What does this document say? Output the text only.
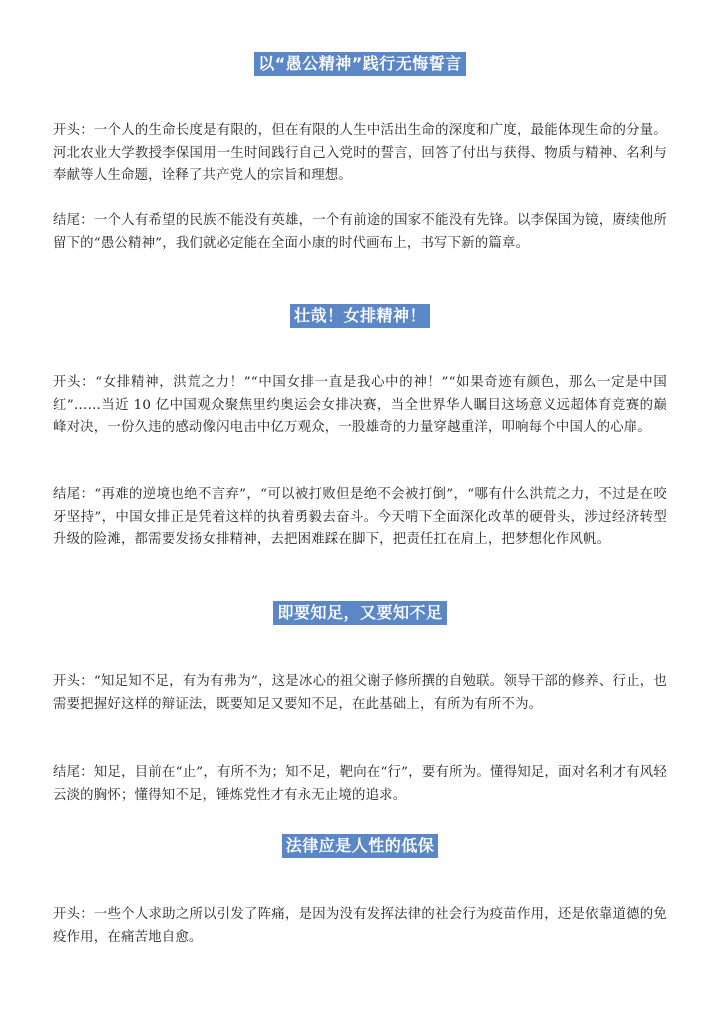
以“愚公精神”践行无悔誓言

开头：一个人的生命长度是有限的，但在有限的人生中活出生命的深度和广度，最能体现生命的分量。河北农业大学教授李保国用一生时间践行自己入党时的誓言，回答了付出与获得、物质与精神、名利与奉献等人生命题，诠释了共产党人的宗旨和理想。

结尾：一个人有希望的民族不能没有英雄，一个有前途的国家不能没有先锋。以李保国为镜，赓续他所留下的“愚公精神”，我们就必定能在全面小康的时代画布上，书写下新的篇章。

壮哉！女排精神！

开头：“女排精神，洪荒之力！”“中国女排一直是我心中的神！”“如果奇迹有颜色，那么一定是中国红”……当近 10 亿中国观众聚焦里约奥运会女排决赛，当全世界华人瞩目这场意义远超体育竞赛的巅峰对决，一份久违的感动像闪电击中亿万观众，一股雄奇的力量穿越重洋，叩响每个中国人的心扉。

结尾：“再难的逆境也绝不言弃”，“可以被打败但是绝不会被打倒”，“哪有什么洪荒之力，不过是在咬牙坚持”，中国女排正是凭着这样的执着勇毅去奋斗。今天啃下全面深化改革的硬骨头，涉过经济转型升级的险滩，都需要发扬女排精神，去把困难踩在脚下，把责任扛在肩上，把梦想化作风帆。

即要知足，又要知不足

开头：“知足知不足，有为有弗为”，这是冰心的祖父谢子修所撰的自勉联。领导干部的修养、行止，也需要把握好这样的辩证法，既要知足又要知不足，在此基础上，有所为有所不为。

结尾：知足，目前在“止”，有所不为；知不足，靶向在“行”，要有所为。懂得知足，面对名利才有风轻云淡的胸怀；懂得知不足，锤炼党性才有永无止境的追求。

法律应是人性的低保

开头：一些个人求助之所以引发了阵痛，是因为没有发挥法律的社会行为疫苗作用，还是依靠道德的免疫作用，在痛苦地自愈。
